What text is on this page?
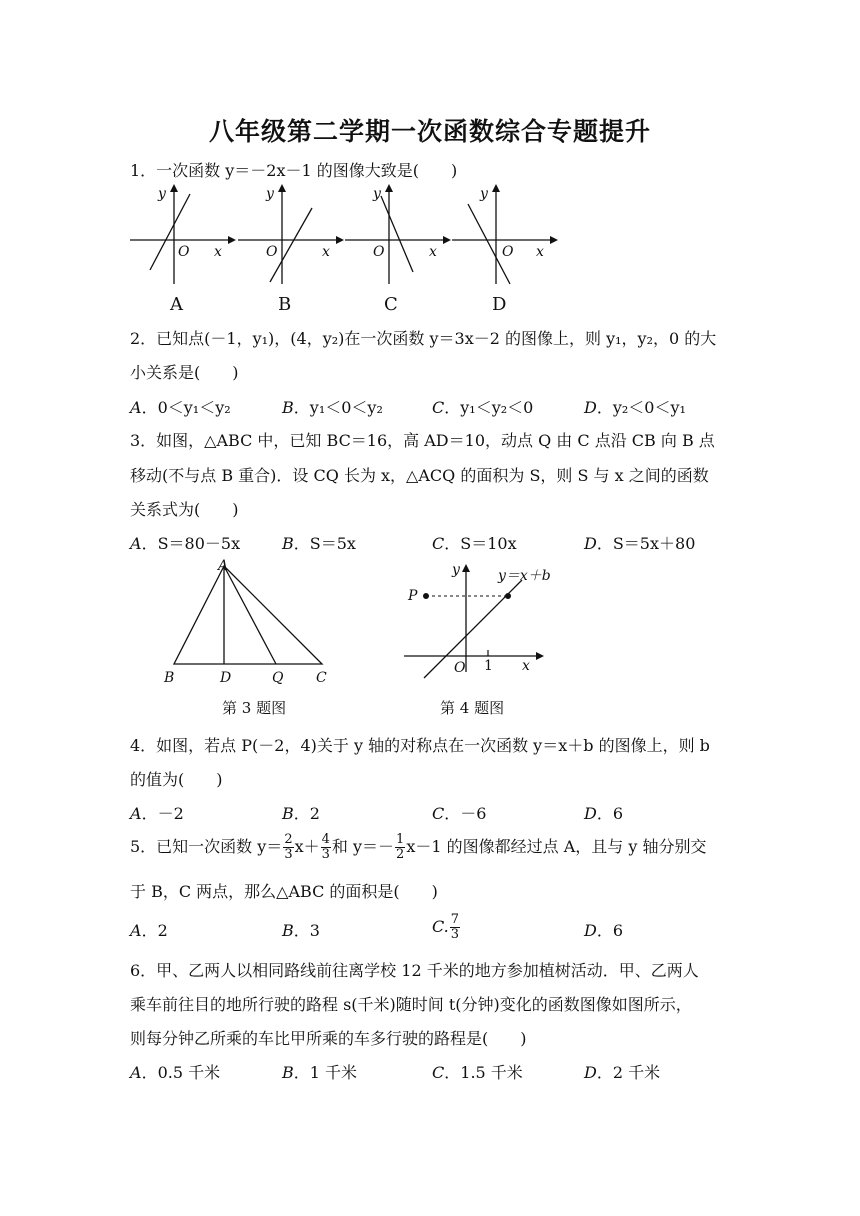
八年级第二学期一次函数综合专题提升
1．一次函数 y＝－2x－1 的图像大致是(　　)
y
O x
y
O	x
y
O	x
y
O x
A	B	C	D
2．已知点(－1，y₁)，(4，y₂)在一次函数 y＝3x－2 的图像上，则 y₁，y₂，0 的大
小关系是(　　)
A．0＜y₁＜y₂	B．y₁＜0＜y₂	C．y₁＜y₂＜0	D．y₂＜0＜y₁
3．如图，△ABC 中，已知 BC＝16，高 AD＝10，动点 Q 由 C 点沿 CB 向 B 点
移动(不与点 B 重合)．设 CQ 长为 x，△ACQ 的面积为 S，则 S 与 x 之间的函数
关系式为(　　)
A．S＝80－5x	B．S＝5x	C．S＝10x	D．S＝5x＋80
A
B	D	Q C
第 3 题图
y
O 1 x
P
y＝x＋b
第 4 题图
4．如图，若点 P(－2，4)关于 y 轴的对称点在一次函数 y＝x＋b 的图像上，则 b
的值为(　　)
A．－2	B．2	C．－6	D．6
5．已知一次函数 $y= \frac{2}{3} x+ \frac{4}{3}$ 和 $y=- \frac{1}{2} x-1$ 的图像都经过点 A，且与 y 轴分别交
于 B，C 两点，那么△ABC 的面积是(　　)
A．2	B．3	C. $\frac{7}{3}$	D．6
6．甲、乙两人以相同路线前往离学校 12 千米的地方参加植树活动．甲、乙两人
乘车前往目的地所行驶的路程 s(千米)随时间 t(分钟)变化的函数图像如图所示，
则每分钟乙所乘的车比甲所乘的车多行驶的路程是(　　)
A．0.5 千米	B．1 千米	C．1.5 千米	D．2 千米
